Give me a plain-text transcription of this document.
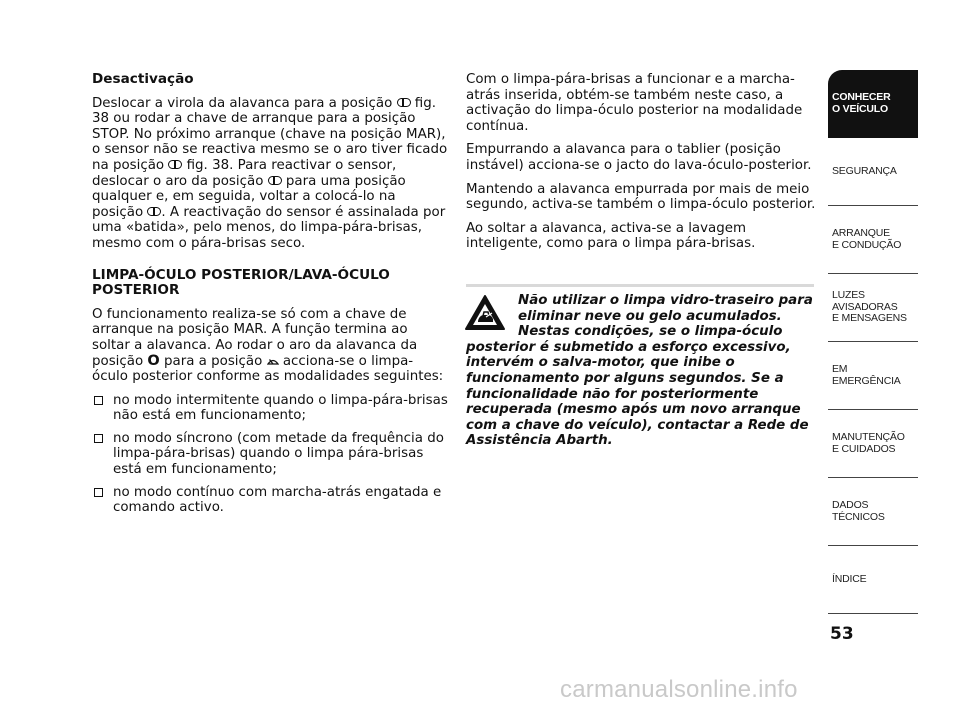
Desactivação

Deslocar a virola da alavanca para a posição  fig. 38 ou rodar a chave de arranque para a posição STOP. No próximo arranque (chave na posição MAR), o sensor não se reactiva mesmo se o aro tiver ficado na posição  fig. 38. Para reactivar o sensor, deslocar o aro da posição  para uma posição qualquer e, em seguida, voltar a colocá-lo na posição . A reactivação do sensor é assinalada por uma «batida», pelo menos, do limpa-pára-brisas, mesmo com o pára-brisas seco.

LIMPA-ÓCULO POSTERIOR/LAVA-ÓCULO POSTERIOR

O funcionamento realiza-se só com a chave de arranque na posição MAR. A função termina ao soltar a alavanca. Ao rodar o aro da alavanca da posição O para a posição  acciona-se o limpa-óculo posterior conforme as modalidades seguintes:

no modo intermitente quando o limpa-pára-brisas não está em funcionamento;
no modo síncrono (com metade da frequência do limpa-pára-brisas) quando o limpa pára-brisas está em funcionamento;
no modo contínuo com marcha-atrás engatada e comando activo.

Com o limpa-pára-brisas a funcionar e a marcha-atrás inserida, obtém-se também neste caso, a activação do limpa-óculo posterior na modalidade contínua.

Empurrando a alavanca para o tablier (posição instável) acciona-se o jacto do lava-óculo-posterior.

Mantendo a alavanca empurrada por mais de meio segundo, activa-se também o limpa-óculo posterior.

Ao soltar a alavanca, activa-se a lavagem inteligente, como para o limpa pára-brisas.

Não utilizar o limpa vidro-traseiro para eliminar neve ou gelo acumulados. Nestas condições, se o limpa-óculo posterior é submetido a esforço excessivo, intervém o salva-motor, que inibe o funcionamento por alguns segundos. Se a funcionalidade não for posteriormente recuperada (mesmo após um novo arranque com a chave do veículo), contactar a Rede de Assistência Abarth.
CONHECER
O VEÍCULO
SEGURANÇA
ARRANQUE
E CONDUÇÃO
LUZES
AVISADORAS
E MENSAGENS
EM EMERGÊNCIA
MANUTENÇÃO
E CUIDADOS
DADOS
TÉCNICOS
ÍNDICE
53
carmanualsonline.info
